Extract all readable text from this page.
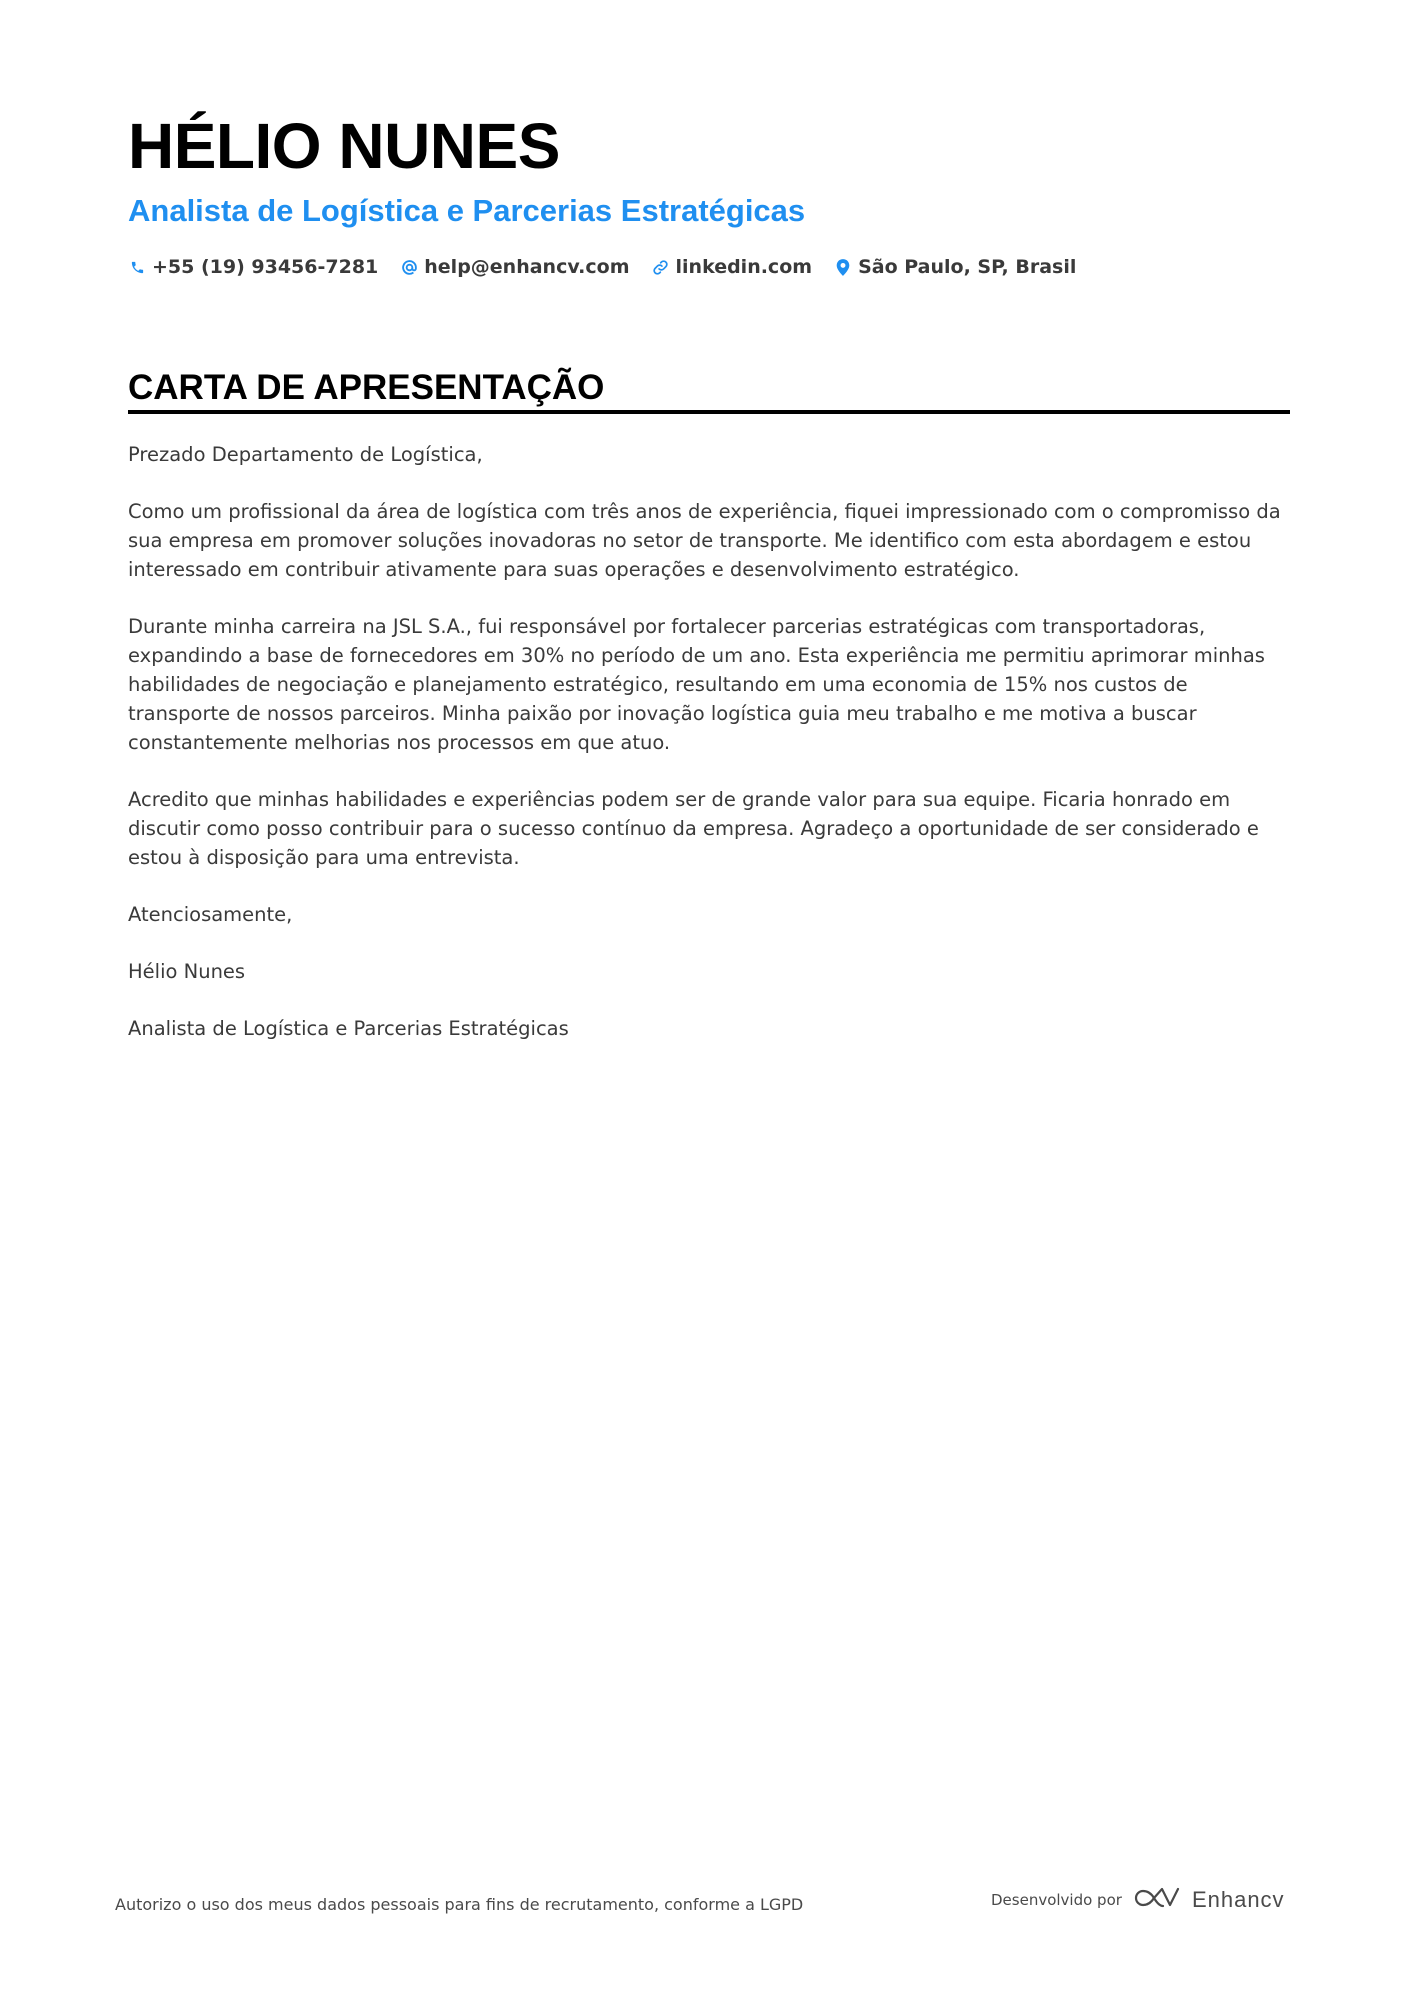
HÉLIO NUNES
Analista de Logística e Parcerias Estratégicas
+55 (19) 93456-7281 help@enhancv.com linkedin.com São Paulo, SP, Brasil
CARTA DE APRESENTAÇÃO

Prezado Departamento de Logística,

Como um profissional da área de logística com três anos de experiência, fiquei impressionado com o compromisso da sua empresa em promover soluções inovadoras no setor de transporte. Me identifico com esta abordagem e estou interessado em contribuir ativamente para suas operações e desenvolvimento estratégico.

Durante minha carreira na JSL S.A., fui responsável por fortalecer parcerias estratégicas com transportadoras, expandindo a base de fornecedores em 30% no período de um ano. Esta experiência me permitiu aprimorar minhas habilidades de negociação e planejamento estratégico, resultando em uma economia de 15% nos custos de transporte de nossos parceiros. Minha paixão por inovação logística guia meu trabalho e me motiva a buscar constantemente melhorias nos processos em que atuo.

Acredito que minhas habilidades e experiências podem ser de grande valor para sua equipe. Ficaria honrado em discutir como posso contribuir para o sucesso contínuo da empresa. Agradeço a oportunidade de ser considerado e estou à disposição para uma entrevista.

Atenciosamente,

Hélio Nunes

Analista de Logística e Parcerias Estratégicas

Autorizo o uso dos meus dados pessoais para fins de recrutamento, conforme a LGPD	Desenvolvido por	Enhancv
